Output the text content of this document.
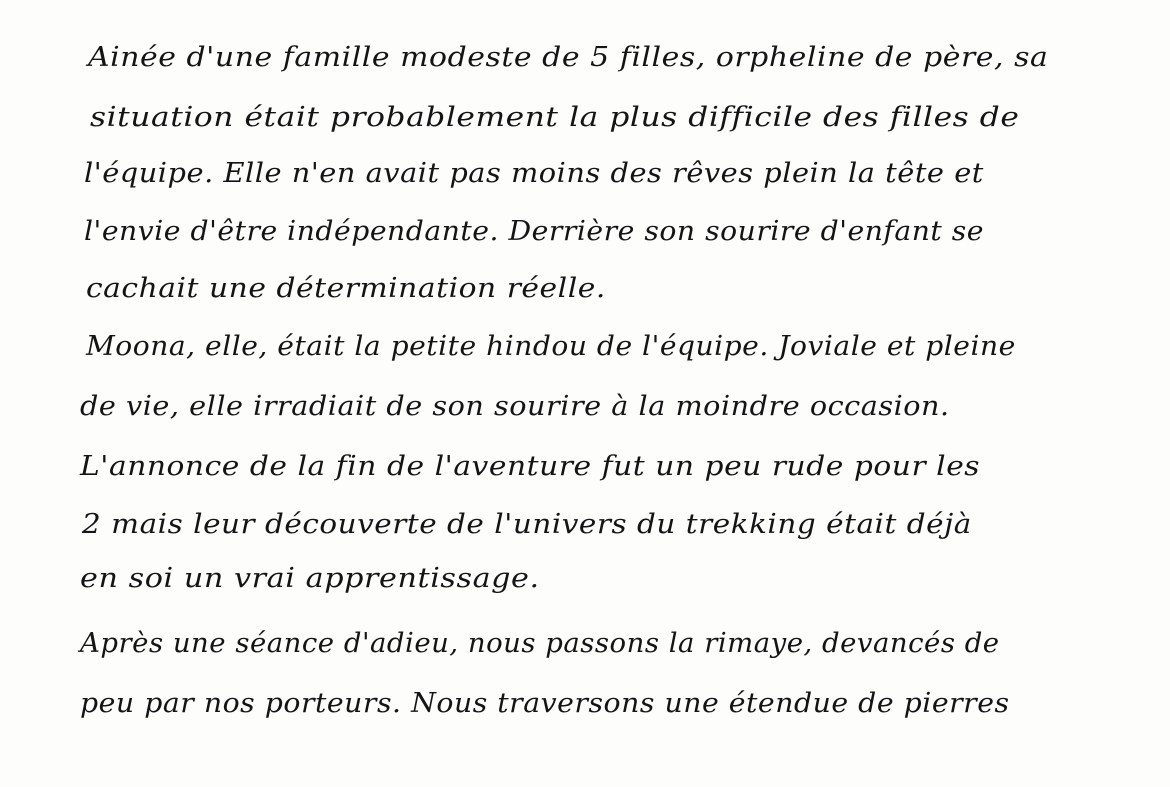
Ainée d'une famille modeste de 5 filles, orpheline de père, sa
situation était probablement la plus difficile des filles de
l'équipe. Elle n'en avait pas moins des rêves plein la tête et
l'envie d'être indépendante. Derrière son sourire d'enfant se
cachait une détermination réelle.
Moona, elle, était la petite hindou de l'équipe. Joviale et pleine
de vie, elle irradiait de son sourire à la moindre occasion.
L'annonce de la fin de l'aventure fut un peu rude pour les
2 mais leur découverte de l'univers du trekking était déjà
en soi un vrai apprentissage.
Après une séance d'adieu, nous passons la rimaye, devancés de
peu par nos porteurs. Nous traversons une étendue de pierres
